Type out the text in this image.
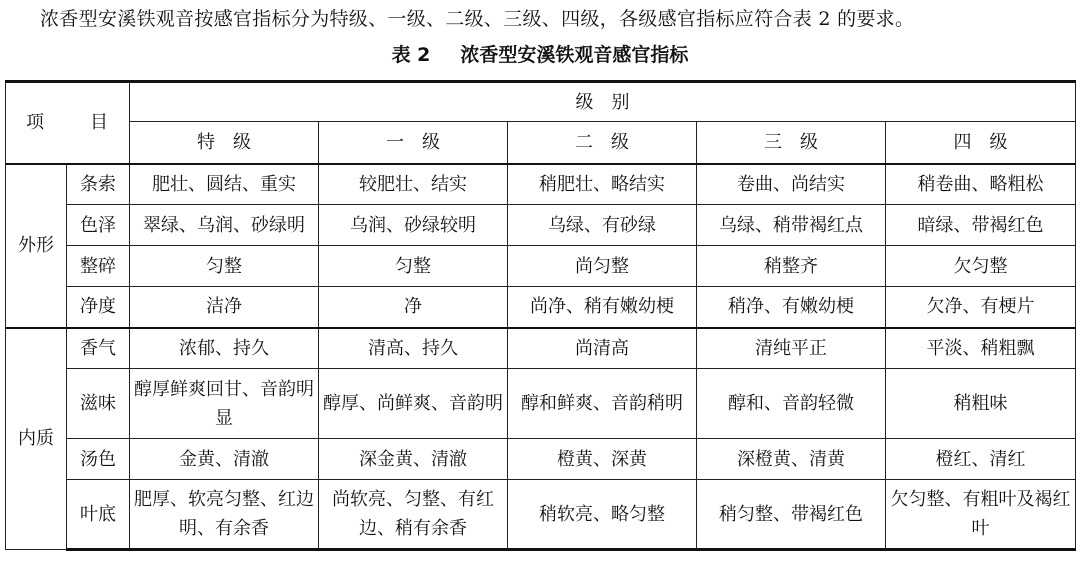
浓香型安溪铁观音按感官指标分为特级、一级、二级、三级、四级，各级感官指标应符合表 2 的要求。
表 2 浓香型安溪铁观音感官指标
项 目		级　别				
		特　级	一　级	二　级	三　级	四　级
外形	条索	肥壮、圆结、重实	较肥壮、结实	稍肥壮、略结实	卷曲、尚结实	稍卷曲、略粗松
	色泽	翠绿、乌润、砂绿明	乌润、砂绿较明	乌绿、有砂绿	乌绿、稍带褐红点	暗绿、带褐红色
	整碎	匀整	匀整	尚匀整	稍整齐	欠匀整
	净度	洁净	净	尚净、稍有嫩幼梗	稍净、有嫩幼梗	欠净、有梗片
内质	香气	浓郁、持久	清高、持久	尚清高	清纯平正	平淡、稍粗飘
	滋味	醇厚鲜爽回甘、音韵明显	醇厚、尚鲜爽、音韵明	醇和鲜爽、音韵稍明	醇和、音韵轻微	稍粗味
	汤色	金黄、清澈	深金黄、清澈	橙黄、深黄	深橙黄、清黄	橙红、清红
	叶底	肥厚、软亮匀整、红边明、有余香	尚软亮、匀整、有红边、稍有余香	稍软亮、略匀整	稍匀整、带褐红色	欠匀整、有粗叶及褐红叶
